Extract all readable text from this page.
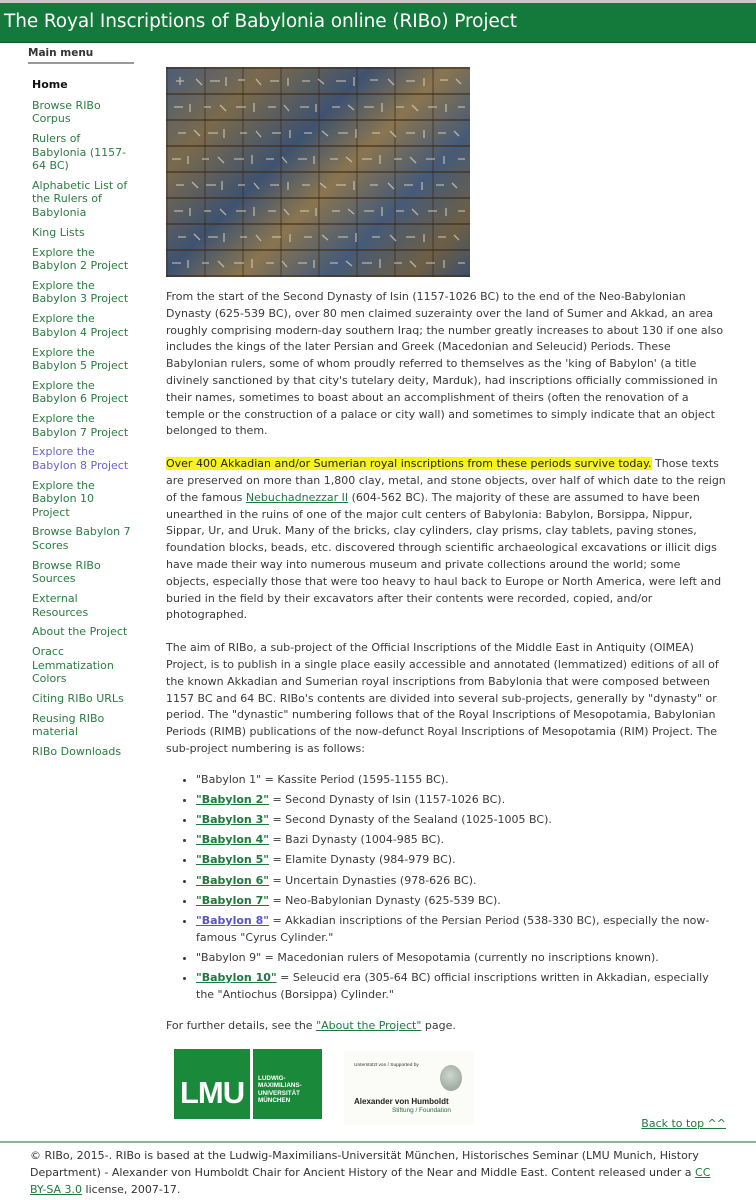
The Royal Inscriptions of Babylonia online (RIBo) Project
Main menu
Home
Browse RIBo Corpus
Rulers of Babylonia (1157-64 BC)
Alphabetic List of the Rulers of Babylonia
King Lists
Explore the Babylon 2 Project
Explore the Babylon 3 Project
Explore the Babylon 4 Project
Explore the Babylon 5 Project
Explore the Babylon 6 Project
Explore the Babylon 7 Project
Explore the Babylon 8 Project
Explore the Babylon 10 Project
Browse Babylon 7 Scores
Browse RIBo Sources
External Resources
About the Project
Oracc Lemmatization Colors
Citing RIBo URLs
Reusing RIBo material
RIBo Downloads

From the start of the Second Dynasty of Isin (1157-1026 BC) to the end of the Neo-Babylonian Dynasty (625-539 BC), over 80 men claimed suzerainty over the land of Sumer and Akkad, an area roughly comprising modern-day southern Iraq; the number greatly increases to about 130 if one also includes the kings of the later Persian and Greek (Macedonian and Seleucid) Periods. These Babylonian rulers, some of whom proudly referred to themselves as the 'king of Babylon' (a title divinely sanctioned by that city's tutelary deity, Marduk), had inscriptions officially commissioned in their names, sometimes to boast about an accomplishment of theirs (often the renovation of a temple or the construction of a palace or city wall) and sometimes to simply indicate that an object belonged to them.

Over 400 Akkadian and/or Sumerian royal inscriptions from these periods survive today. Those texts are preserved on more than 1,800 clay, metal, and stone objects, over half of which date to the reign of the famous Nebuchadnezzar II (604-562 BC). The majority of these are assumed to have been unearthed in the ruins of one of the major cult centers of Babylonia: Babylon, Borsippa, Nippur, Sippar, Ur, and Uruk. Many of the bricks, clay cylinders, clay prisms, clay tablets, paving stones, foundation blocks, beads, etc. discovered through scientific archaeological excavations or illicit digs have made their way into numerous museum and private collections around the world; some objects, especially those that were too heavy to haul back to Europe or North America, were left and buried in the field by their excavators after their contents were recorded, copied, and/or photographed.

The aim of RIBo, a sub-project of the Official Inscriptions of the Middle East in Antiquity (OIMEA) Project, is to publish in a single place easily accessible and annotated (lemmatized) editions of all of the known Akkadian and Sumerian royal inscriptions from Babylonia that were composed between 1157 BC and 64 BC. RIBo's contents are divided into several sub-projects, generally by "dynasty" or period. The "dynastic" numbering follows that of the Royal Inscriptions of Mesopotamia, Babylonian Periods (RIMB) publications of the now-defunct Royal Inscriptions of Mesopotamia (RIM) Project. The sub-project numbering is as follows:

• "Babylon 1" = Kassite Period (1595-1155 BC).
• "Babylon 2" = Second Dynasty of Isin (1157-1026 BC).
• "Babylon 3" = Second Dynasty of the Sealand (1025-1005 BC).
• "Babylon 4" = Bazi Dynasty (1004-985 BC).
• "Babylon 5" = Elamite Dynasty (984-979 BC).
• "Babylon 6" = Uncertain Dynasties (978-626 BC).
• "Babylon 7" = Neo-Babylonian Dynasty (625-539 BC).
• "Babylon 8" = Akkadian inscriptions of the Persian Period (538-330 BC), especially the now-famous "Cyrus Cylinder."
• "Babylon 9" = Macedonian rulers of Mesopotamia (currently no inscriptions known).
• "Babylon 10" = Seleucid era (305-64 BC) official inscriptions written in Akkadian, especially the "Antiochus (Borsippa) Cylinder."

For further details, see the "About the Project" page.

LMU LUDWIG-
MAXIMILIANS-
UNIVERSITÄT
MÜNCHEN
Unterstützt von / Supported by
Alexander von Humboldt
Stiftung / Foundation
Back to top ^^

© RIBo, 2015-. RIBo is based at the Ludwig-Maximilians-Universität München, Historisches Seminar (LMU Munich, History Department) - Alexander von Humboldt Chair for Ancient History of the Near and Middle East. Content released under a CC BY-SA 3.0 license, 2007-17.
